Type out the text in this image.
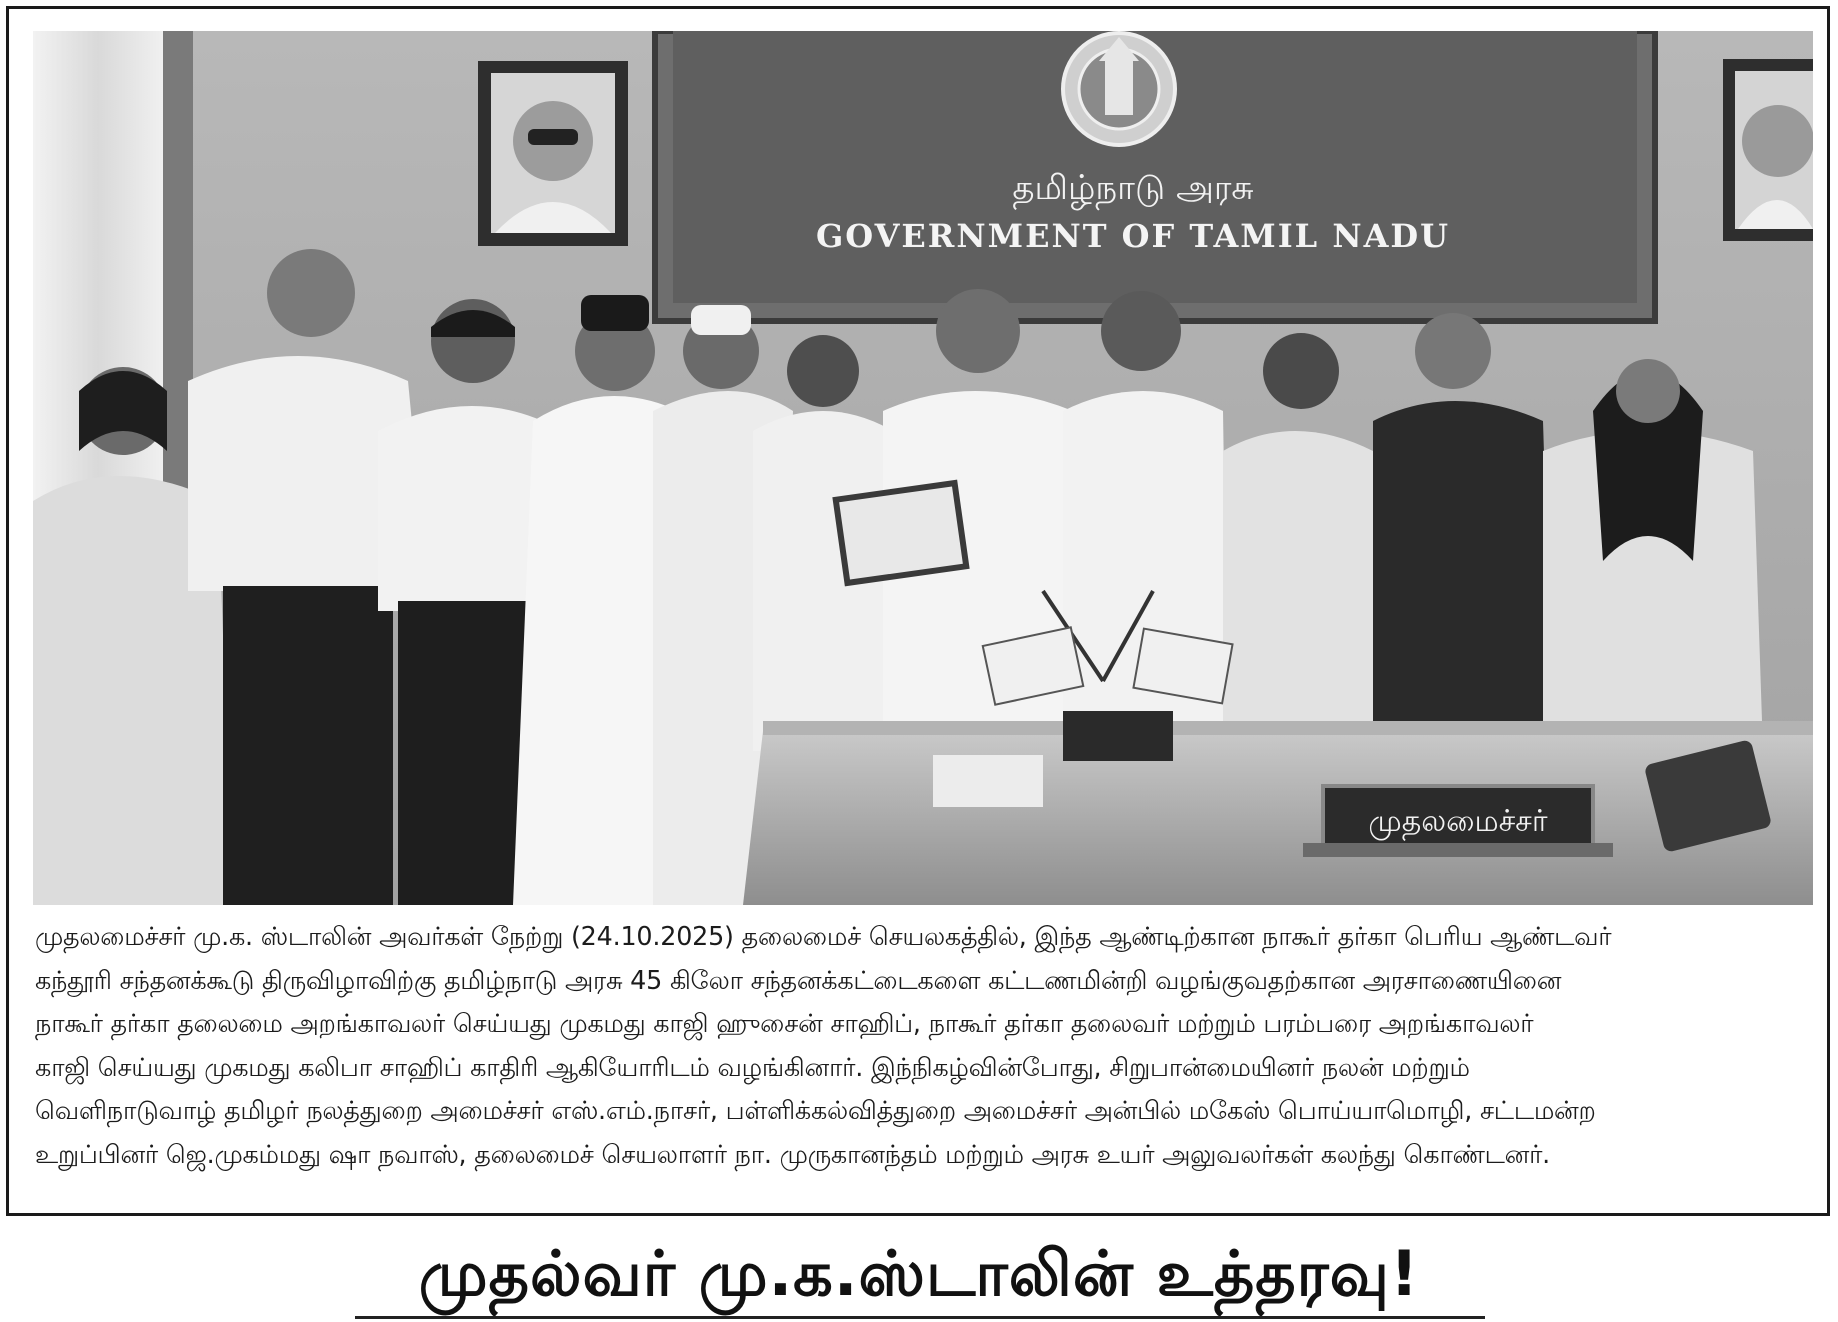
தமிழ்நாடு அரசு
GOVERNMENT OF TAMIL NADU
முதலமைச்சர்
முதலமைச்சர் மு.க. ஸ்டாலின் அவர்கள் நேற்று (24.10.2025) தலைமைச் செயலகத்தில், இந்த ஆண்டிற்கான நாகூர் தர்கா பெரிய ஆண்டவர்
கந்தூரி சந்தனக்கூடு திருவிழாவிற்கு தமிழ்நாடு அரசு 45 கிலோ சந்தனக்கட்டைகளை கட்டணமின்றி வழங்குவதற்கான அரசாணையினை
நாகூர் தர்கா தலைமை அறங்காவலர் செய்யது முகமது காஜி ஹுசைன் சாஹிப், நாகூர் தர்கா தலைவர் மற்றும் பரம்பரை அறங்காவலர்
காஜி செய்யது முகமது கலிபா சாஹிப் காதிரி ஆகியோரிடம் வழங்கினார். இந்நிகழ்வின்போது, சிறுபான்மையினர் நலன் மற்றும்
வெளிநாடுவாழ் தமிழர் நலத்துறை அமைச்சர் எஸ்.எம்.நாசர், பள்ளிக்கல்வித்துறை அமைச்சர் அன்பில் மகேஸ் பொய்யாமொழி, சட்டமன்ற
உறுப்பினர் ஜெ.முகம்மது ஷா நவாஸ், தலைமைச் செயலாளர் நா. முருகானந்தம் மற்றும் அரசு உயர் அலுவலர்கள் கலந்து கொண்டனர்.
முதல்வர் மு.க.ஸ்டாலின் உத்தரவு!
